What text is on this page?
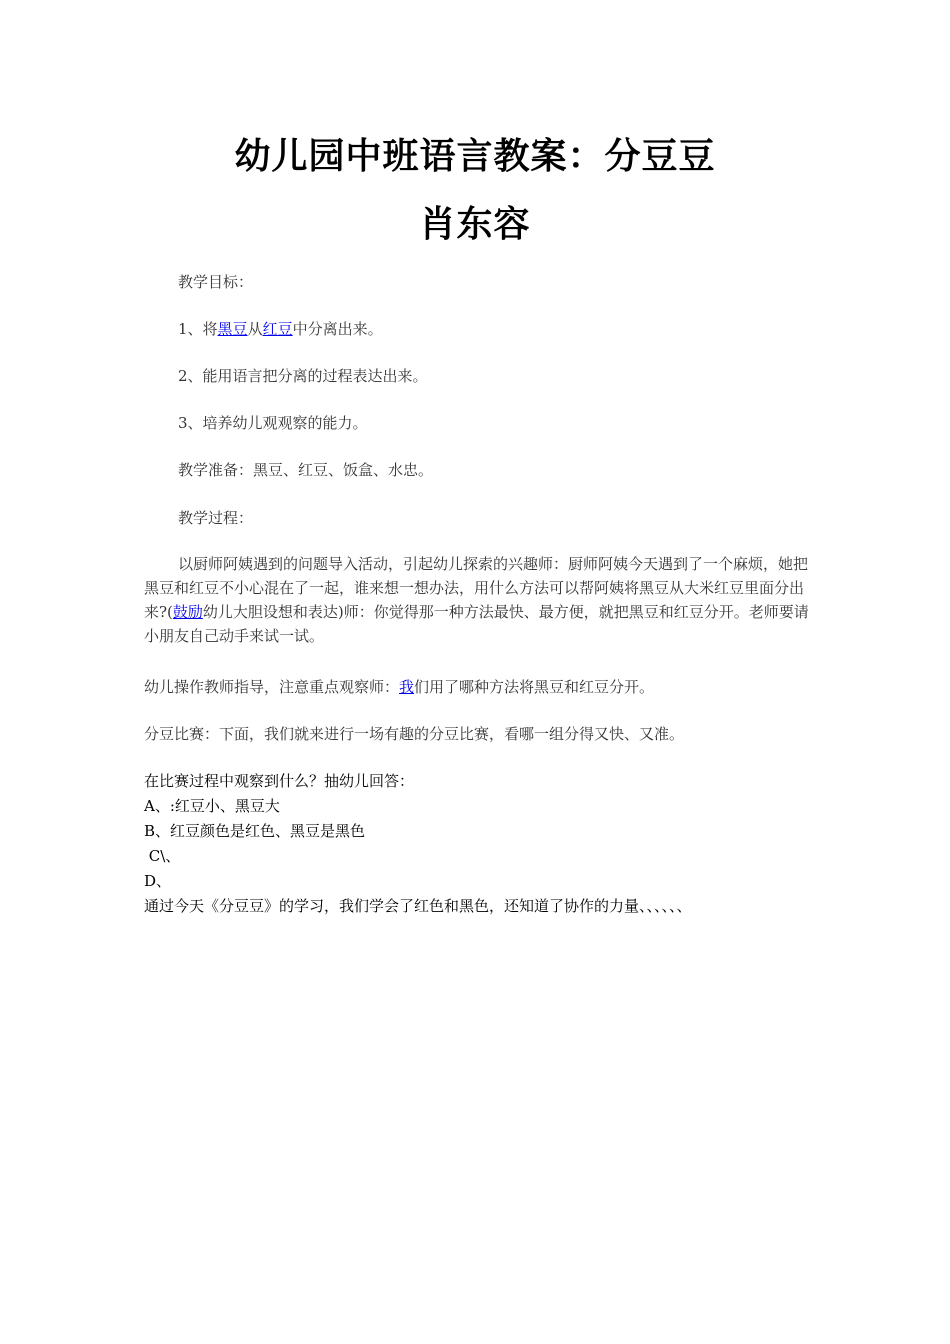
幼儿园中班语言教案：分豆豆
肖东容

教学目标：

1、将黑豆从红豆中分离出来。

2、能用语言把分离的过程表达出来。

3、培养幼儿观观察的能力。

教学准备：黑豆、红豆、饭盒、水忠。

教学过程：

以厨师阿姨遇到的问题导入活动，引起幼儿探索的兴趣师：厨师阿姨今天遇到了一个麻烦，她把黑豆和红豆不小心混在了一起，谁来想一想办法，用什么方法可以帮阿姨将黑豆从大米红豆里面分出来?(鼓励幼儿大胆设想和表达)师：你觉得那一种方法最快、最方便，就把黑豆和红豆分开。老师要请小朋友自己动手来试一试。

幼儿操作教师指导，注意重点观察师：我们用了哪种方法将黑豆和红豆分开。

分豆比赛：下面，我们就来进行一场有趣的分豆比赛，看哪一组分得又快、又准。

在比赛过程中观察到什么？抽幼儿回答：

A、:红豆小、黑豆大

B、红豆颜色是红色、黑豆是黑色

C\、

D、

通过今天《分豆豆》的学习，我们学会了红色和黑色，还知道了协作的力量、、、、、、
